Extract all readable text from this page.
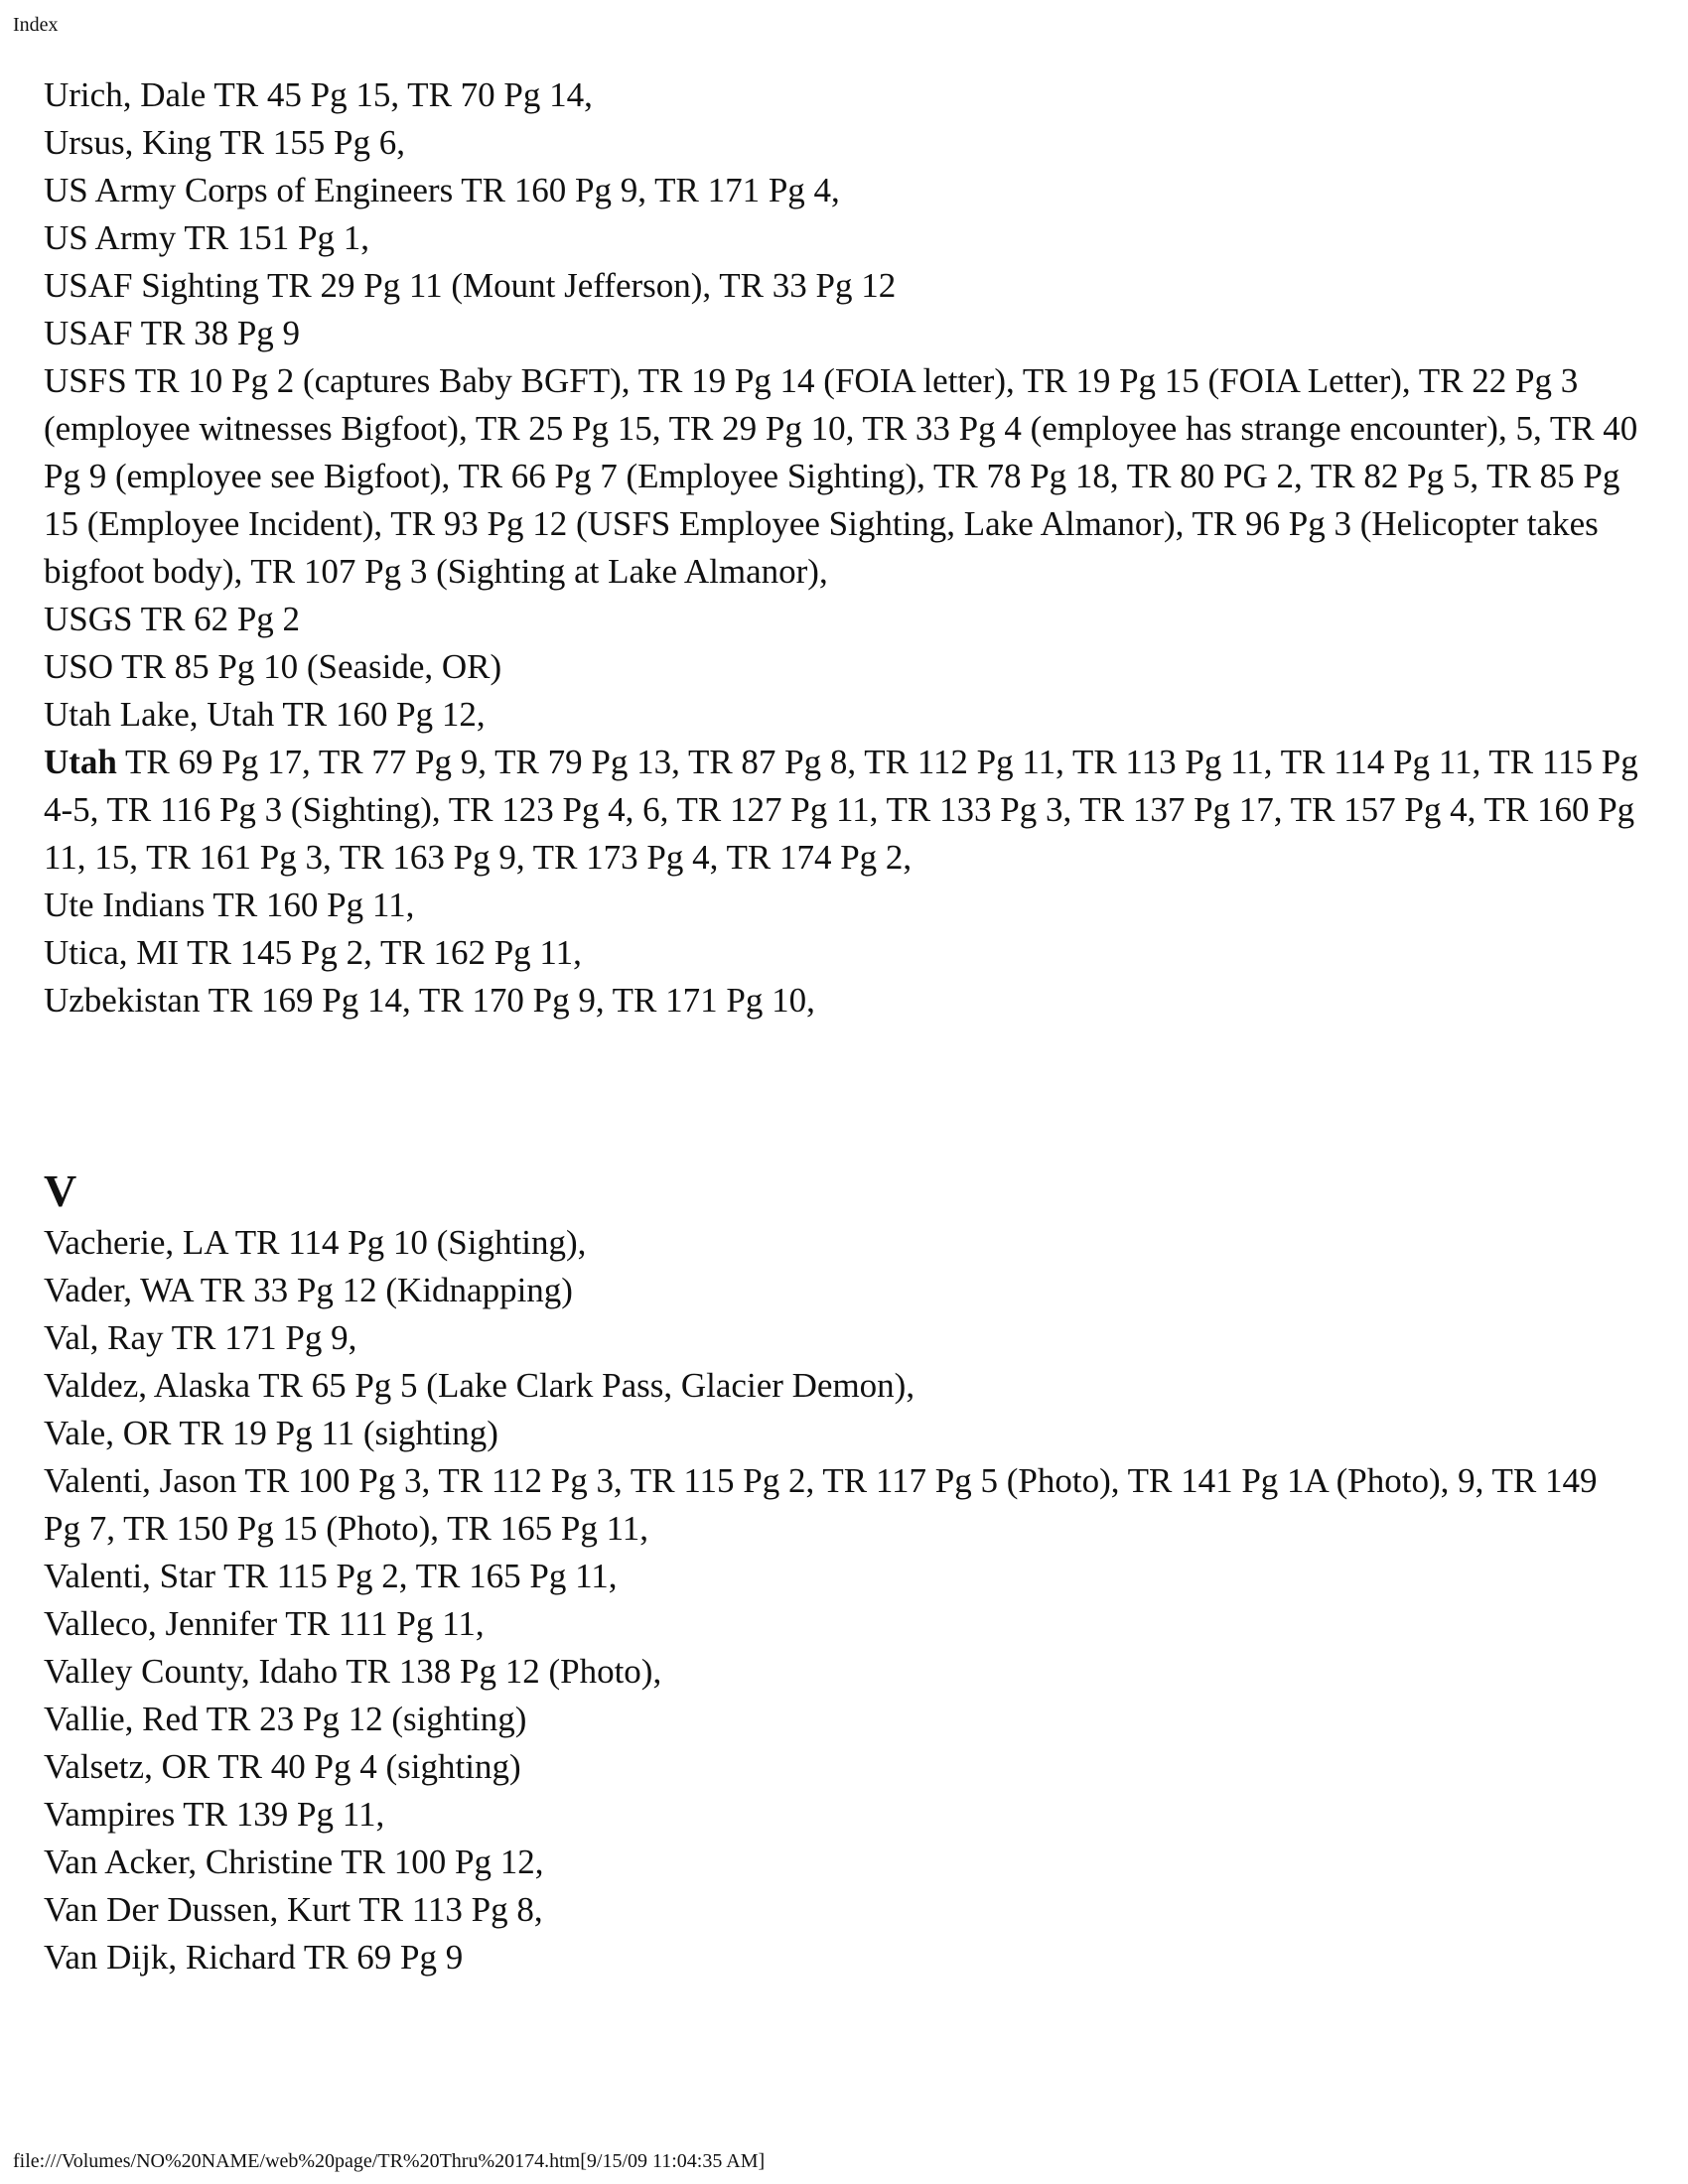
Index

Urich, Dale TR 45 Pg 15, TR 70 Pg 14,

Ursus, King TR 155 Pg 6,

US Army Corps of Engineers TR 160 Pg 9, TR 171 Pg 4,

US Army TR 151 Pg 1,

USAF Sighting TR 29 Pg 11 (Mount Jefferson), TR 33 Pg 12

USAF TR 38 Pg 9

USFS TR 10 Pg 2 (captures Baby BGFT), TR 19 Pg 14 (FOIA letter), TR 19 Pg 15 (FOIA Letter), TR 22 Pg 3 (employee witnesses Bigfoot), TR 25 Pg 15, TR 29 Pg 10, TR 33 Pg 4 (employee has strange encounter), 5, TR 40 Pg 9 (employee see Bigfoot), TR 66 Pg 7 (Employee Sighting), TR 78 Pg 18, TR 80 PG 2, TR 82 Pg 5, TR 85 Pg 15 (Employee Incident), TR 93 Pg 12 (USFS Employee Sighting, Lake Almanor), TR 96 Pg 3 (Helicopter takes bigfoot body), TR 107 Pg 3 (Sighting at Lake Almanor),

USGS TR 62 Pg 2

USO TR 85 Pg 10 (Seaside, OR)

Utah Lake, Utah TR 160 Pg 12,

Utah TR 69 Pg 17, TR 77 Pg 9, TR 79 Pg 13, TR 87 Pg 8, TR 112 Pg 11, TR 113 Pg 11, TR 114 Pg 11, TR 115 Pg 4-5, TR 116 Pg 3 (Sighting), TR 123 Pg 4, 6, TR 127 Pg 11, TR 133 Pg 3, TR 137 Pg 17, TR 157 Pg 4, TR 160 Pg 11, 15, TR 161 Pg 3, TR 163 Pg 9, TR 173 Pg 4, TR 174 Pg 2,

Ute Indians TR 160 Pg 11,

Utica, MI TR 145 Pg 2, TR 162 Pg 11,

Uzbekistan TR 169 Pg 14, TR 170 Pg 9, TR 171 Pg 10,

V

Vacherie, LA TR 114 Pg 10 (Sighting),

Vader, WA TR 33 Pg 12 (Kidnapping)

Val, Ray TR 171 Pg 9,

Valdez, Alaska TR 65 Pg 5 (Lake Clark Pass, Glacier Demon),

Vale, OR TR 19 Pg 11 (sighting)

Valenti, Jason TR 100 Pg 3, TR 112 Pg 3, TR 115 Pg 2, TR 117 Pg 5 (Photo), TR 141 Pg 1A (Photo), 9, TR 149 Pg 7, TR 150 Pg 15 (Photo), TR 165 Pg 11,

Valenti, Star TR 115 Pg 2, TR 165 Pg 11,

Valleco, Jennifer TR 111 Pg 11,

Valley County, Idaho TR 138 Pg 12 (Photo),

Vallie, Red TR 23 Pg 12 (sighting)

Valsetz, OR TR 40 Pg 4 (sighting)

Vampires TR 139 Pg 11,

Van Acker, Christine TR 100 Pg 12,

Van Der Dussen, Kurt TR 113 Pg 8,

Van Dijk, Richard TR 69 Pg 9

file:///Volumes/NO%20NAME/web%20page/TR%20Thru%20174.htm[9/15/09 11:04:35 AM]
